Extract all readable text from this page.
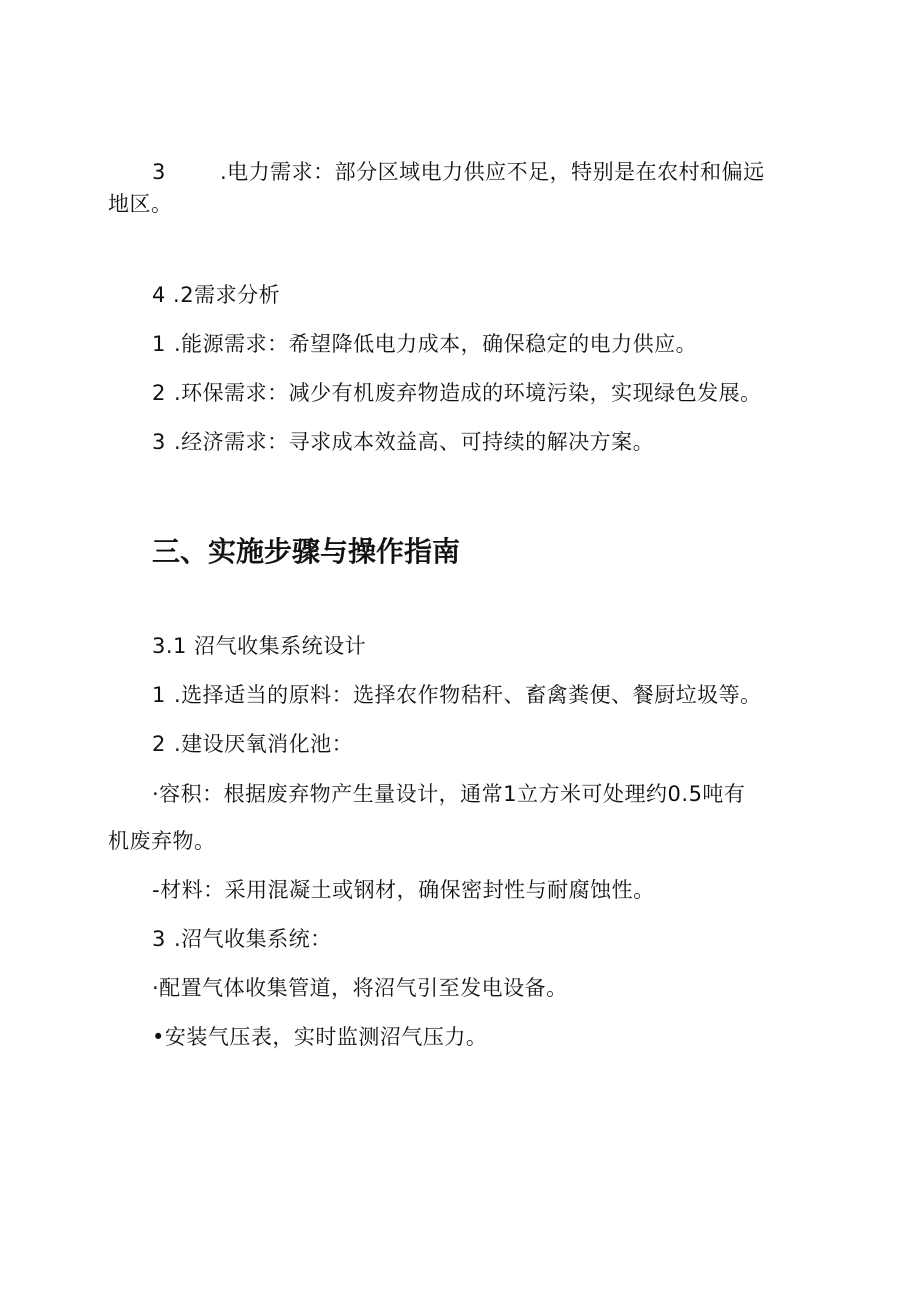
3	.电力需求：部分区域电力供应不足，特别是在农村和偏远
地区。
4 .2需求分析
1 .能源需求：希望降低电力成本，确保稳定的电力供应。
2 .环保需求：减少有机废弃物造成的环境污染，实现绿色发展。
3 .经济需求：寻求成本效益高、可持续的解决方案。
三、实施步骤与操作指南
3.1 沼气收集系统设计
1 .选择适当的原料：选择农作物秸秆、畜禽粪便、餐厨垃圾等。
2 .建设厌氧消化池：
·容积：根据废弃物产生量设计，通常1立方米可处理约0.5吨有
机废弃物。
-材料：采用混凝土或钢材，确保密封性与耐腐蚀性。
3 .沼气收集系统：
·配置气体收集管道，将沼气引至发电设备。
•安装气压表，实时监测沼气压力。
